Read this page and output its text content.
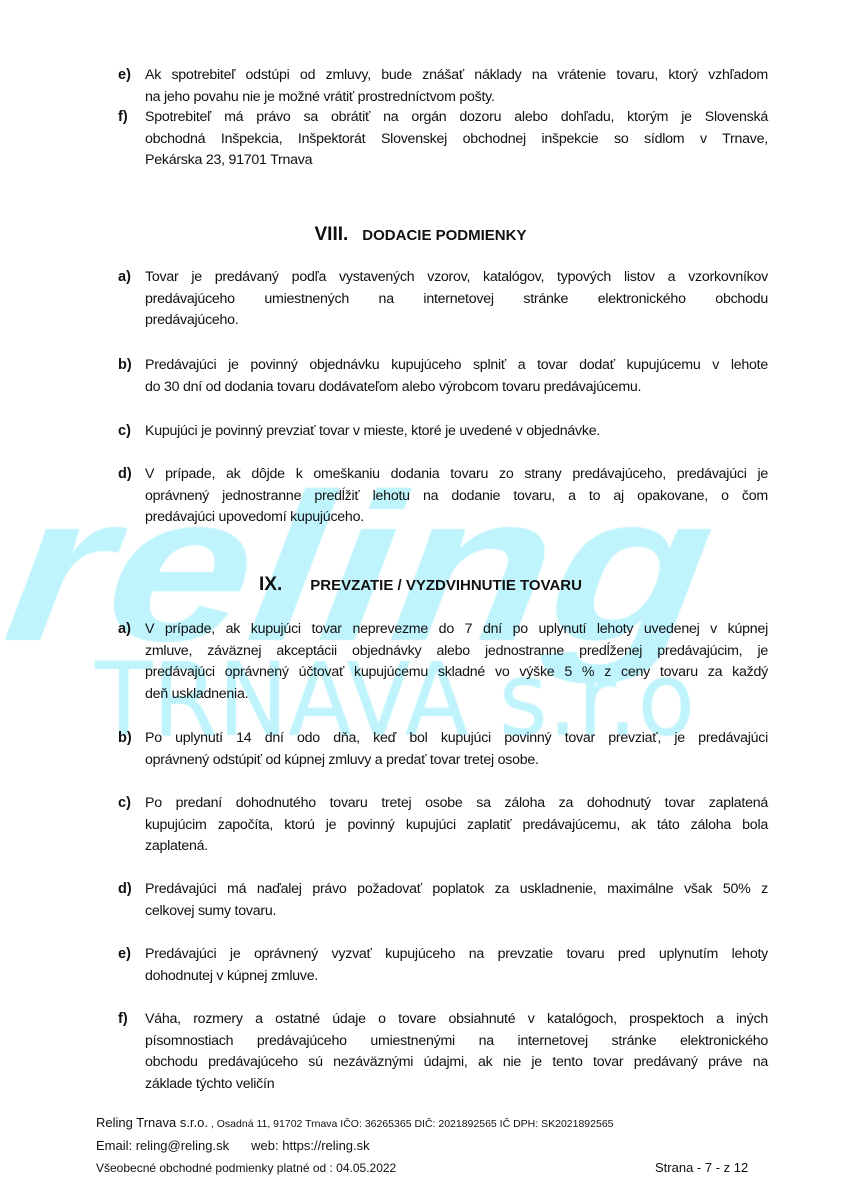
e) Ak spotrebiteľ odstúpi od zmluvy, bude znášať náklady na vrátenie tovaru, ktorý vzhľadom
na jeho povahu nie je možné vrátiť prostredníctvom pošty.
f) Spotrebiteľ má právo sa obrátiť na orgán dozoru alebo dohľadu, ktorým je Slovenská
obchodná Inšpekcia, Inšpektorát Slovenskej obchodnej inšpekcie so sídlom v Trnave,
Pekárska 23, 91701 Trnava
VIII. DODACIE PODMIENKY
a) Tovar je predávaný podľa vystavených vzorov, katalógov, typových listov a vzorkovníkov
predávajúceho umiestnených na internetovej stránke elektronického obchodu
predávajúceho.
b) Predávajúci je povinný objednávku kupujúceho splniť a tovar dodať kupujúcemu v lehote
do 30 dní od dodania tovaru dodávateľom alebo výrobcom tovaru predávajúcemu.
c) Kupujúci je povinný prevziať tovar v mieste, ktoré je uvedené v objednávke.
d) V prípade, ak dôjde k omeškaniu dodania tovaru zo strany predávajúceho, predávajúci je
oprávnený jednostranne predĺžiť lehotu na dodanie tovaru, a to aj opakovane, o čom
predávajúci upovedomí kupujúceho.
IX. PREVZATIE / VYZDVIHNUTIE TOVARU
a) V prípade, ak kupujúci tovar neprevezme do 7 dní po uplynutí lehoty uvedenej v kúpnej
zmluve, záväznej akceptácii objednávky alebo jednostranne predĺženej predávajúcim, je
predávajúci oprávnený účtovať kupujúcemu skladné vo výške 5 % z ceny tovaru za každý
deň uskladnenia.
b) Po uplynutí 14 dní odo dňa, keď bol kupujúci povinný tovar prevziať, je predávajúci
oprávnený odstúpiť od kúpnej zmluvy a predať tovar tretej osobe.
c) Po predaní dohodnutého tovaru tretej osobe sa záloha za dohodnutý tovar zaplatená
kupujúcim započíta, ktorú je povinný kupujúci zaplatiť predávajúcemu, ak táto záloha bola
zaplatená.
d) Predávajúci má naďalej právo požadovať poplatok za uskladnenie, maximálne však 50% z
celkovej sumy tovaru.
e) Predávajúci je oprávnený vyzvať kupujúceho na prevzatie tovaru pred uplynutím lehoty
dohodnutej v kúpnej zmluve.
f) Váha, rozmery a ostatné údaje o tovare obsiahnuté v katalógoch, prospektoch a iných
písomnostiach predávajúceho umiestnenými na internetovej stránke elektronického
obchodu predávajúceho sú nezáväznými údajmi, ak nie je tento tovar predávaný práve na
základe týchto veličín
Reling Trnava s.r.o. , Osadná 11, 91702 Trnava IČO: 36265365 DIČ: 2021892565 IČ DPH: SK2021892565
Email: reling@reling.sk web: https://reling.sk
Všeobecné obchodné podmienky platné od : 04.05.2022	Strana - 7 - z 12
